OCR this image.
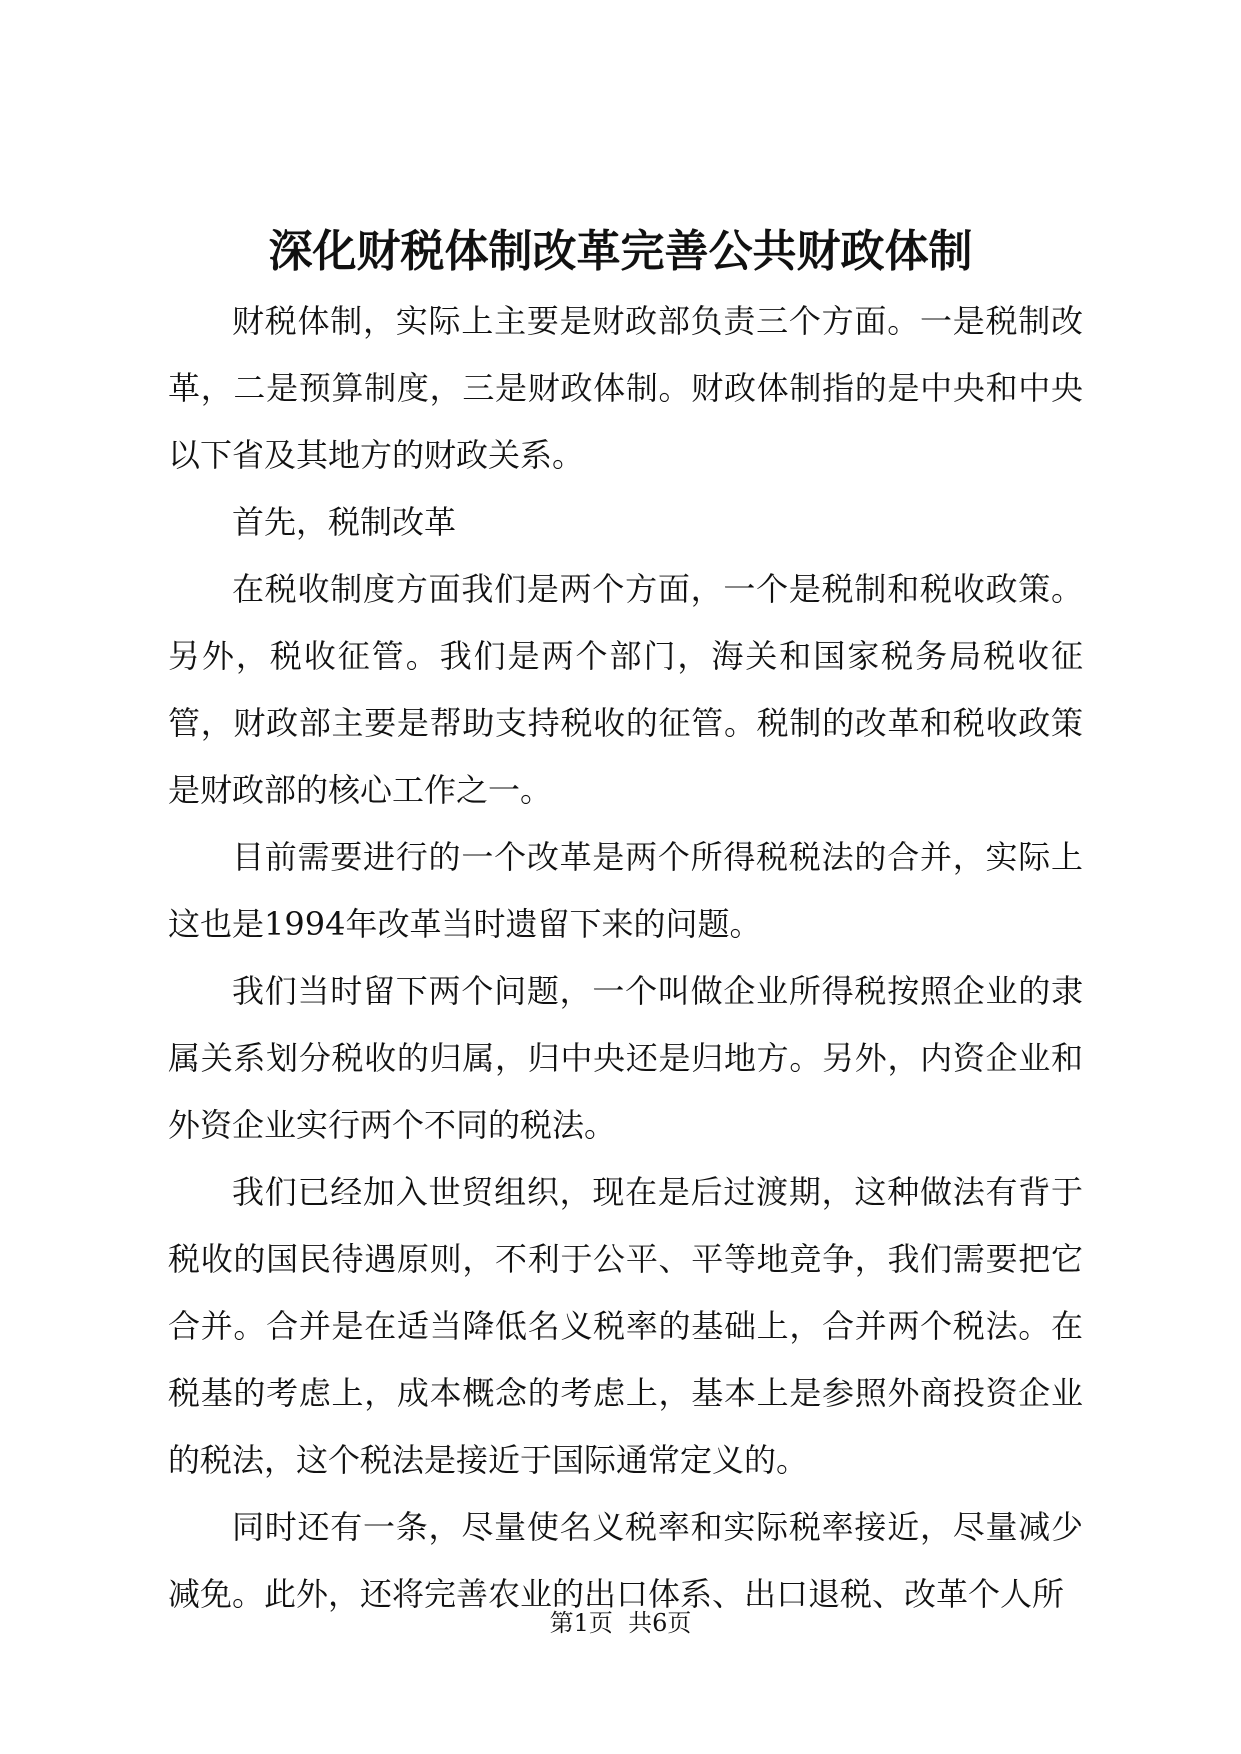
深化财税体制改革完善公共财政体制

财税体制，实际上主要是财政部负责三个方面。一是税制改革，二是预算制度，三是财政体制。财政体制指的是中央和中央以下省及其地方的财政关系。

首先，税制改革

在税收制度方面我们是两个方面，一个是税制和税收政策。另外，税收征管。我们是两个部门，海关和国家税务局税收征管，财政部主要是帮助支持税收的征管。税制的改革和税收政策是财政部的核心工作之一。

目前需要进行的一个改革是两个所得税税法的合并，实际上这也是1994年改革当时遗留下来的问题。

我们当时留下两个问题，一个叫做企业所得税按照企业的隶属关系划分税收的归属，归中央还是归地方。另外，内资企业和外资企业实行两个不同的税法。

我们已经加入世贸组织，现在是后过渡期，这种做法有背于税收的国民待遇原则，不利于公平、平等地竞争，我们需要把它合并。合并是在适当降低名义税率的基础上，合并两个税法。在税基的考虑上，成本概念的考虑上，基本上是参照外商投资企业的税法，这个税法是接近于国际通常定义的。

同时还有一条，尽量使名义税率和实际税率接近，尽量减少减免。此外，还将完善农业的出口体系、出口退税、改革个人所

第1页 共6页
